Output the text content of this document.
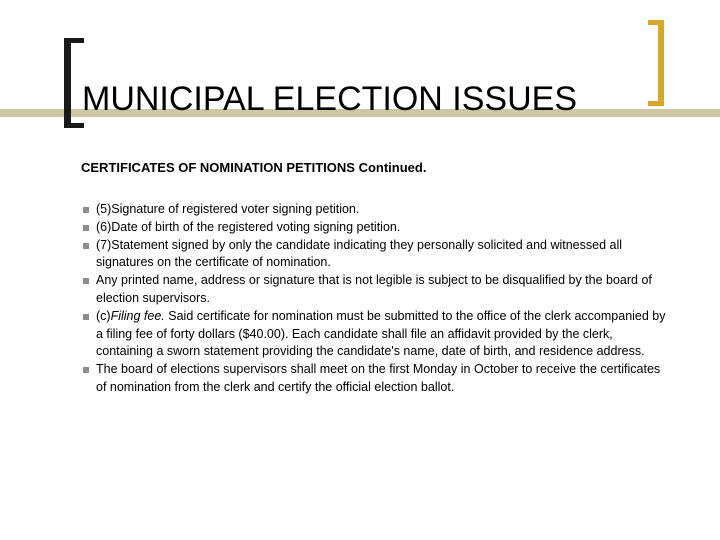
MUNICIPAL ELECTION ISSUES
CERTIFICATES OF NOMINATION PETITIONS Continued.
(5)Signature of registered voter signing petition.
(6)Date of birth of the registered voting signing petition.
(7)Statement signed by only the candidate indicating they personally solicited and witnessed all signatures on the certificate of nomination.
Any printed name, address or signature that is not legible is subject to be disqualified by the board of election supervisors.
(c)Filing fee. Said certificate for nomination must be submitted to the office of the clerk accompanied by a filing fee of forty dollars ($40.00). Each candidate shall file an affidavit provided by the clerk, containing a sworn statement providing the candidate's name, date of birth, and residence address.
The board of elections supervisors shall meet on the first Monday in October to receive the certificates of nomination from the clerk and certify the official election ballot.
